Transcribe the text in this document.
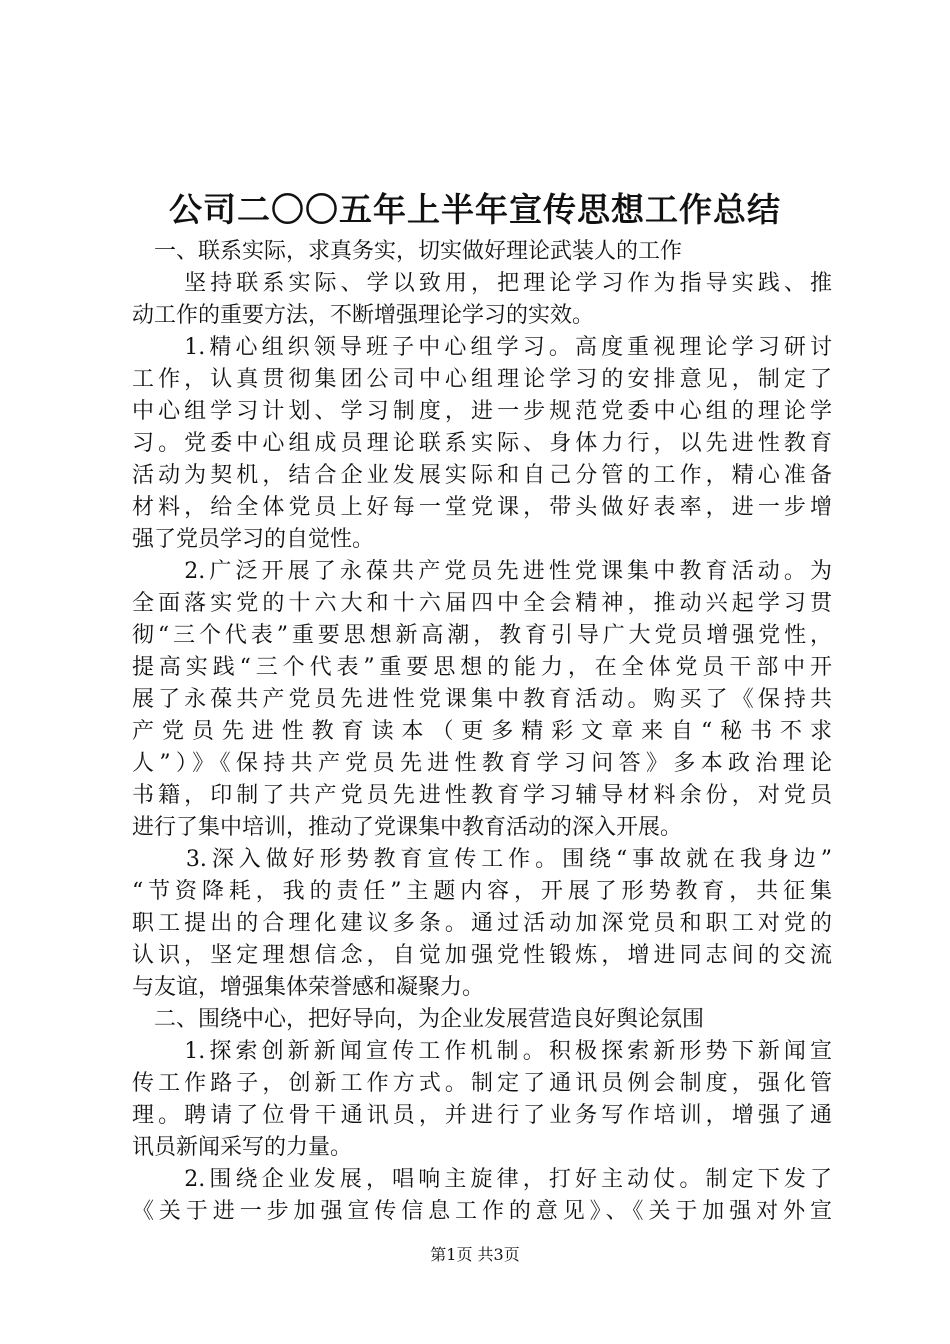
公司二〇〇五年上半年宣传思想工作总结
　一、联系实际，求真务实，切实做好理论武装人的工作
　　坚持联系实际、学以致用，把理论学习作为指导实践、推
动工作的重要方法，不断增强理论学习的实效。
　　1.精心组织领导班子中心组学习。高度重视理论学习研讨
工作，认真贯彻集团公司中心组理论学习的安排意见，制定了
中心组学习计划、学习制度，进一步规范党委中心组的理论学
习。党委中心组成员理论联系实际、身体力行，以先进性教育
活动为契机，结合企业发展实际和自己分管的工作，精心准备
材料，给全体党员上好每一堂党课，带头做好表率，进一步增
强了党员学习的自觉性。
　　2.广泛开展了永葆共产党员先进性党课集中教育活动。为
全面落实党的十六大和十六届四中全会精神，推动兴起学习贯
彻“三个代表”重要思想新高潮，教育引导广大党员增强党性，
提高实践“三个代表”重要思想的能力，在全体党员干部中开
展了永葆共产党员先进性党课集中教育活动。购买了《保持共
产党员先进性教育读本（更多精彩文章来自“秘书不求
人”）》《保持共产党员先进性教育学习问答》多本政治理论
书籍，印制了共产党员先进性教育学习辅导材料余份，对党员
进行了集中培训，推动了党课集中教育活动的深入开展。
　　3.深入做好形势教育宣传工作。围绕“事故就在我身边”
“节资降耗，我的责任”主题内容，开展了形势教育，共征集
职工提出的合理化建议多条。通过活动加深党员和职工对党的
认识，坚定理想信念，自觉加强党性锻炼，增进同志间的交流
与友谊，增强集体荣誉感和凝聚力。
　二、围绕中心，把好导向，为企业发展营造良好舆论氛围
　　1.探索创新新闻宣传工作机制。积极探索新形势下新闻宣
传工作路子，创新工作方式。制定了通讯员例会制度，强化管
理。聘请了位骨干通讯员，并进行了业务写作培训，增强了通
讯员新闻采写的力量。
　　2.围绕企业发展，唱响主旋律，打好主动仗。制定下发了
《关于进一步加强宣传信息工作的意见》、《关于加强对外宣
第1页 共3页
